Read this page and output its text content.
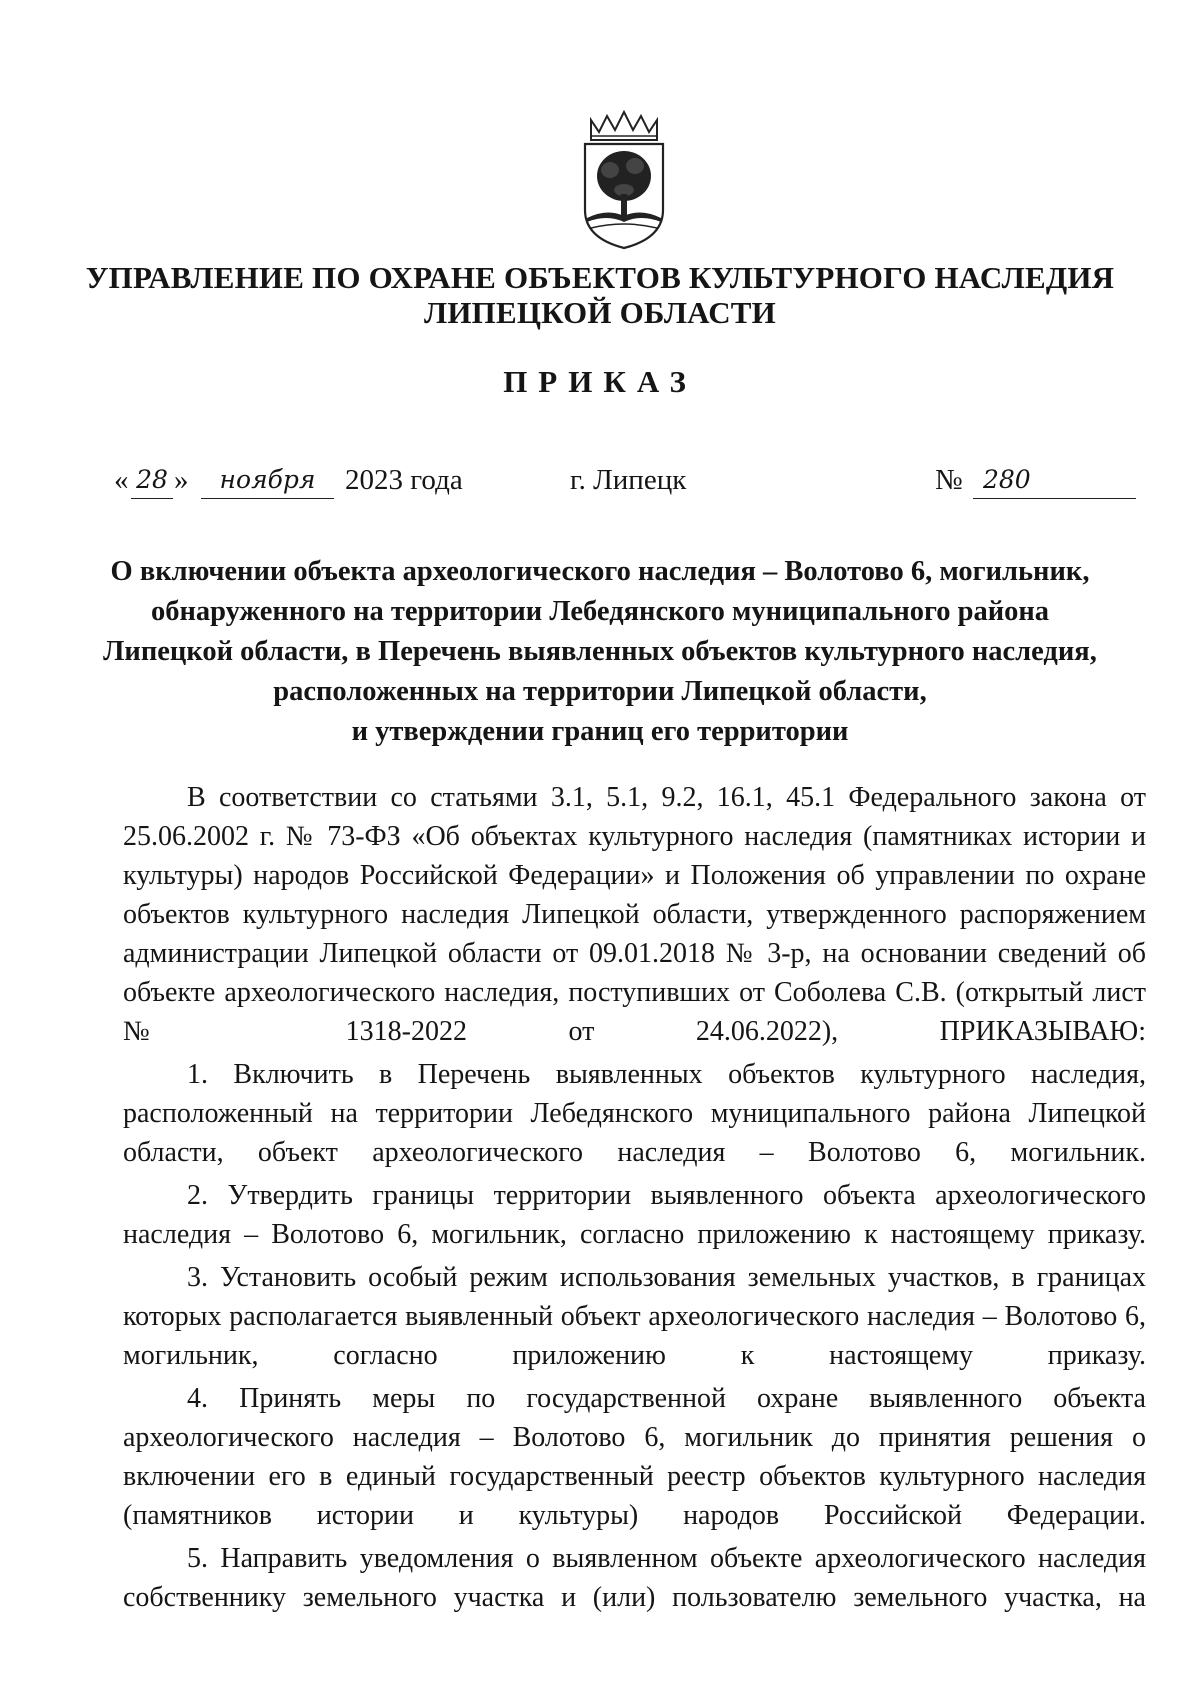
УПРАВЛЕНИЕ ПО ОХРАНЕ ОБЪЕКТОВ КУЛЬТУРНОГО НАСЛЕДИЯ
ЛИПЕЦКОЙ ОБЛАСТИ
ПРИКАЗ
« 28 »	ноября	2023 года	г. Липецк	№ 280
О включении объекта археологического наследия – Волотово 6, могильник,
обнаруженного на территории Лебедянского муниципального района
Липецкой области, в Перечень выявленных объектов культурного наследия,
расположенных на территории Липецкой области,
и утверждении границ его территории

В соответствии со статьями 3.1, 5.1, 9.2, 16.1, 45.1 Федерального закона от 25.06.2002 г. № 73-ФЗ «Об объектах культурного наследия (памятниках истории и культуры) народов Российской Федерации» и Положения об управлении по охране объектов культурного наследия Липецкой области, утвержденного распоряжением администрации Липецкой области от 09.01.2018 № 3-р, на основании сведений об объекте археологического наследия, поступивших от Соболева С.В. (открытый лист № 1318-2022 от 24.06.2022), ПРИКАЗЫВАЮ:

1. Включить в Перечень выявленных объектов культурного наследия, расположенный на территории Лебедянского муниципального района Липецкой области, объект археологического наследия – Волотово 6, могильник.

2. Утвердить границы территории выявленного объекта археологического наследия – Волотово 6, могильник, согласно приложению к настоящему приказу.

3. Установить особый режим использования земельных участков, в границах которых располагается выявленный объект археологического наследия – Волотово 6, могильник, согласно приложению к настоящему приказу.

4. Принять меры по государственной охране выявленного объекта археологического наследия – Волотово 6, могильник до принятия решения о включении его в единый государственный реестр объектов культурного наследия (памятников истории и культуры) народов Российской Федерации.

5. Направить уведомления о выявленном объекте археологического наследия собственнику земельного участка и (или) пользователю земельного участка, на
